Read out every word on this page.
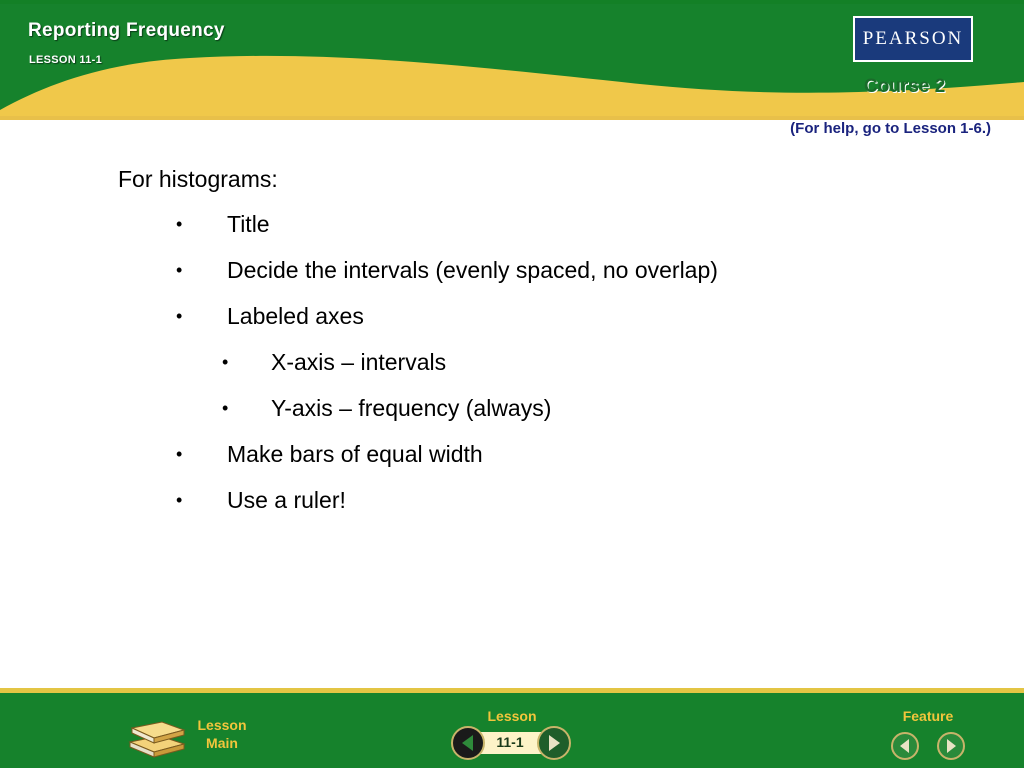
Reporting Frequency
LESSON 11-1
PEARSON
Course 2
(For help, go to Lesson 1-6.)
For histograms:
• Title
• Decide the intervals (evenly spaced, no overlap)
• Labeled axes
• X-axis – intervals
• Y-axis – frequency (always)
• Make bars of equal width
• Use a ruler!
Lesson
Main
Lesson
11-1
Feature
